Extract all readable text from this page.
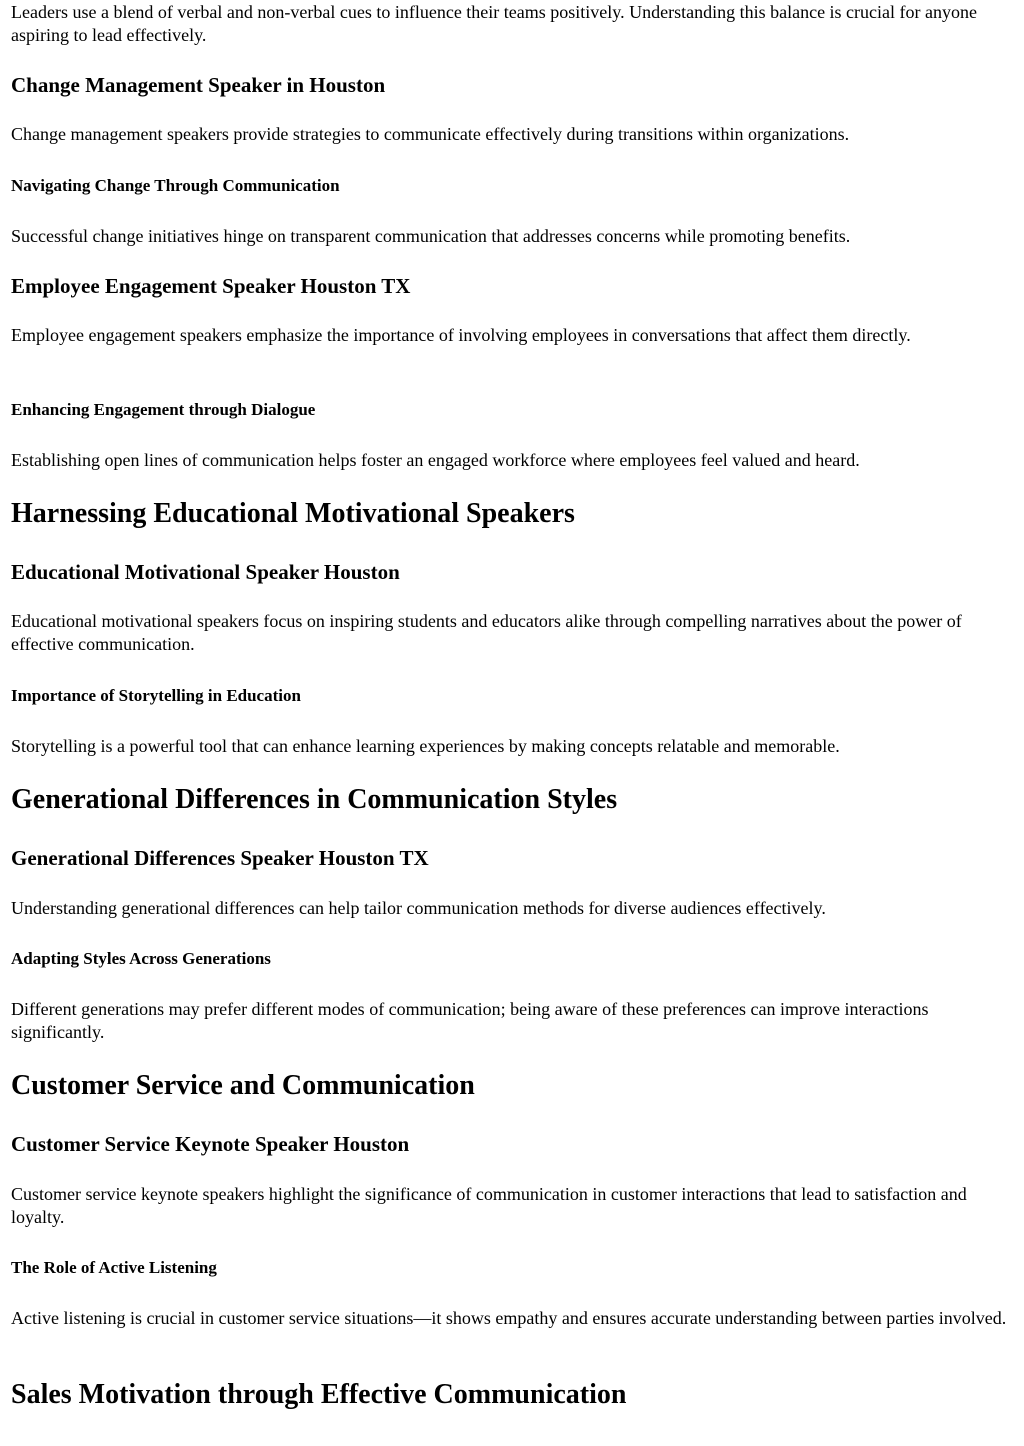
Leaders use a blend of verbal and non-verbal cues to influence their teams positively. Understanding this balance is crucial for anyone aspiring to lead effectively.

Change Management Speaker in Houston

Change management speakers provide strategies to communicate effectively during transitions within organizations.

Navigating Change Through Communication

Successful change initiatives hinge on transparent communication that addresses concerns while promoting benefits.

Employee Engagement Speaker Houston TX

Employee engagement speakers emphasize the importance of involving employees in conversations that affect them directly.

Enhancing Engagement through Dialogue

Establishing open lines of communication helps foster an engaged workforce where employees feel valued and heard.

Harnessing Educational Motivational Speakers
Educational Motivational Speaker Houston

Educational motivational speakers focus on inspiring students and educators alike through compelling narratives about the power of effective communication.

Importance of Storytelling in Education

Storytelling is a powerful tool that can enhance learning experiences by making concepts relatable and memorable.

Generational Differences in Communication Styles
Generational Differences Speaker Houston TX

Understanding generational differences can help tailor communication methods for diverse audiences effectively.

Adapting Styles Across Generations

Different generations may prefer different modes of communication; being aware of these preferences can improve interactions significantly.

Customer Service and Communication
Customer Service Keynote Speaker Houston

Customer service keynote speakers highlight the significance of communication in customer interactions that lead to satisfaction and loyalty.

The Role of Active Listening

Active listening is crucial in customer service situations—it shows empathy and ensures accurate understanding between parties involved.

Sales Motivation through Effective Communication
